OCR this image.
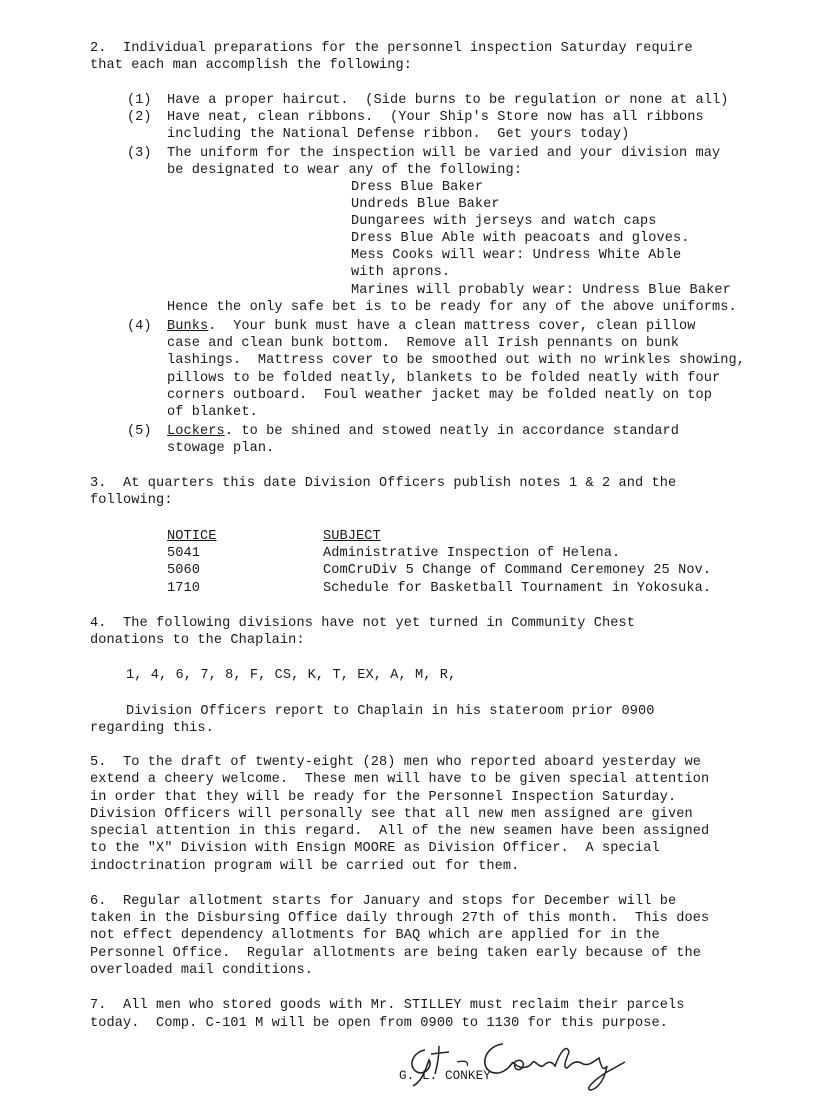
2.  Individual preparations for the personnel inspection Saturday require
that each man accomplish the following:
(1) Have a proper haircut.  (Side burns to be regulation or none at all)
(2) Have neat, clean ribbons.  (Your Ship's Store now has all ribbons
including the National Defense ribbon.  Get yours today)
(3) The uniform for the inspection will be varied and your division may
be designated to wear any of the following:
Dress Blue Baker
Undreds Blue Baker
Dungarees with jerseys and watch caps
Dress Blue Able with peacoats and gloves.
Mess Cooks will wear: Undress White Able
with aprons.
Marines will probably wear: Undress Blue Baker
Hence the only safe bet is to be ready for any of the above uniforms.
(4) Bunks.  Your bunk must have a clean mattress cover, clean pillow
case and clean bunk bottom.  Remove all Irish pennants on bunk
lashings.  Mattress cover to be smoothed out with no wrinkles showing,
pillows to be folded neatly, blankets to be folded neatly with four
corners outboard.  Foul weather jacket may be folded neatly on top
of blanket.
(5) Lockers. to be shined and stowed neatly in accordance standard
stowage plan.
3.  At quarters this date Division Officers publish notes 1 & 2 and the
following:
NOTICE	SUBJECT
5041	Administrative Inspection of Helena.
5060	ComCruDiv 5 Change of Command Ceremoney 25 Nov.
1710	Schedule for Basketball Tournament in Yokosuka.
4.  The following divisions have not yet turned in Community Chest
donations to the Chaplain:
1, 4, 6, 7, 8, F, CS, K, T, EX, A, M, R,
Division Officers report to Chaplain in his stateroom prior 0900
regarding this.
5.  To the draft of twenty-eight (28) men who reported aboard yesterday we
extend a cheery welcome.  These men will have to be given special attention
in order that they will be ready for the Personnel Inspection Saturday.
Division Officers will personally see that all new men assigned are given
special attention in this regard.  All of the new seamen have been assigned
to the "X" Division with Ensign MOORE as Division Officer.  A special
indoctrination program will be carried out for them.
6.  Regular allotment starts for January and stops for December will be
taken in the Disbursing Office daily through 27th of this month.  This does
not effect dependency allotments for BAQ which are applied for in the
Personnel Office.  Regular allotments are being taken early because of the
overloaded mail conditions.
7.  All men who stored goods with Mr. STILLEY must reclaim their parcels
today.  Comp. C-101 M will be open from 0900 to 1130 for this purpose.
G. L. CONKEY
